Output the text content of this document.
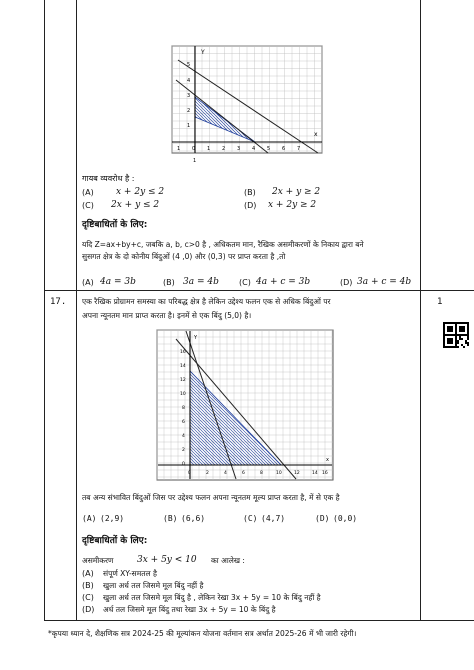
Y
x
5
4
3
2
1
1 0 1 2 3 4 5 6 7
1
गायब व्यवरोध है :
(A) x + 2y ≤ 2	(B) 2x + y ≥ 2
(C) 2x + y ≤ 2	(D) x + 2y ≥ 2
दृष्टिबाधितों के लिए:
यदि Z=ax+by+c, जबकि a, b, c>0 है , अधिकतम मान, रैखिक असमीकरणों के निकाय द्वारा बने
सुसगत क्षेत्र के दो कोनीय बिंदुओं (4 ,0) और (0,3) पर प्राप्त करता है ,तो
(A) 4a = 3b	(B) 3a = 4b	(C) 4a + c = 3b	(D) 3a + c = 4b
17.	1
एक रैखिक प्रोग्रामन समस्या का परिबद्ध क्षेत्र है लेकिन उद्देश्य फलन एक से अधिक बिंदुओं पर
अपना न्यूनतम मान प्राप्त करता है। इनमें से एक बिंदु (5,0) है।
Y
x
16
14
12
10
8
6
4
2
0
0	2	4	6	8	10	12	14 16
तब अन्य संभावित बिंदुओं जिस पर उद्देश्य फलन अपना न्यूनतम मूल्य प्राप्त करता है, में से एक है
(A) (2,9)	(B) (6,6)	(C) (4,7)	(D) (0,0)
दृष्टिबाधितों के लिए:
असमीकरण	3x + 5y < 10 का आलेख :
(A) संपूर्ण XY-समतल है
(B) खुला अर्ध तल जिसमे मूल बिंदु नहीं है
(C) खुला अर्ध तल जिसमे मूल बिंदु है , लेकिन रेखा 3x + 5y = 10 के बिंदु नहीं है
(D) अर्ध तल जिसमे मूल बिंदु तथा रेखा 3x + 5y = 10 के बिंदु है
*कृपया ध्यान दे, शैक्षणिक सत्र 2024-25 की मूल्यांकन योजना वर्तमान सत्र अर्थात 2025-26 में भी जारी रहेगी।
